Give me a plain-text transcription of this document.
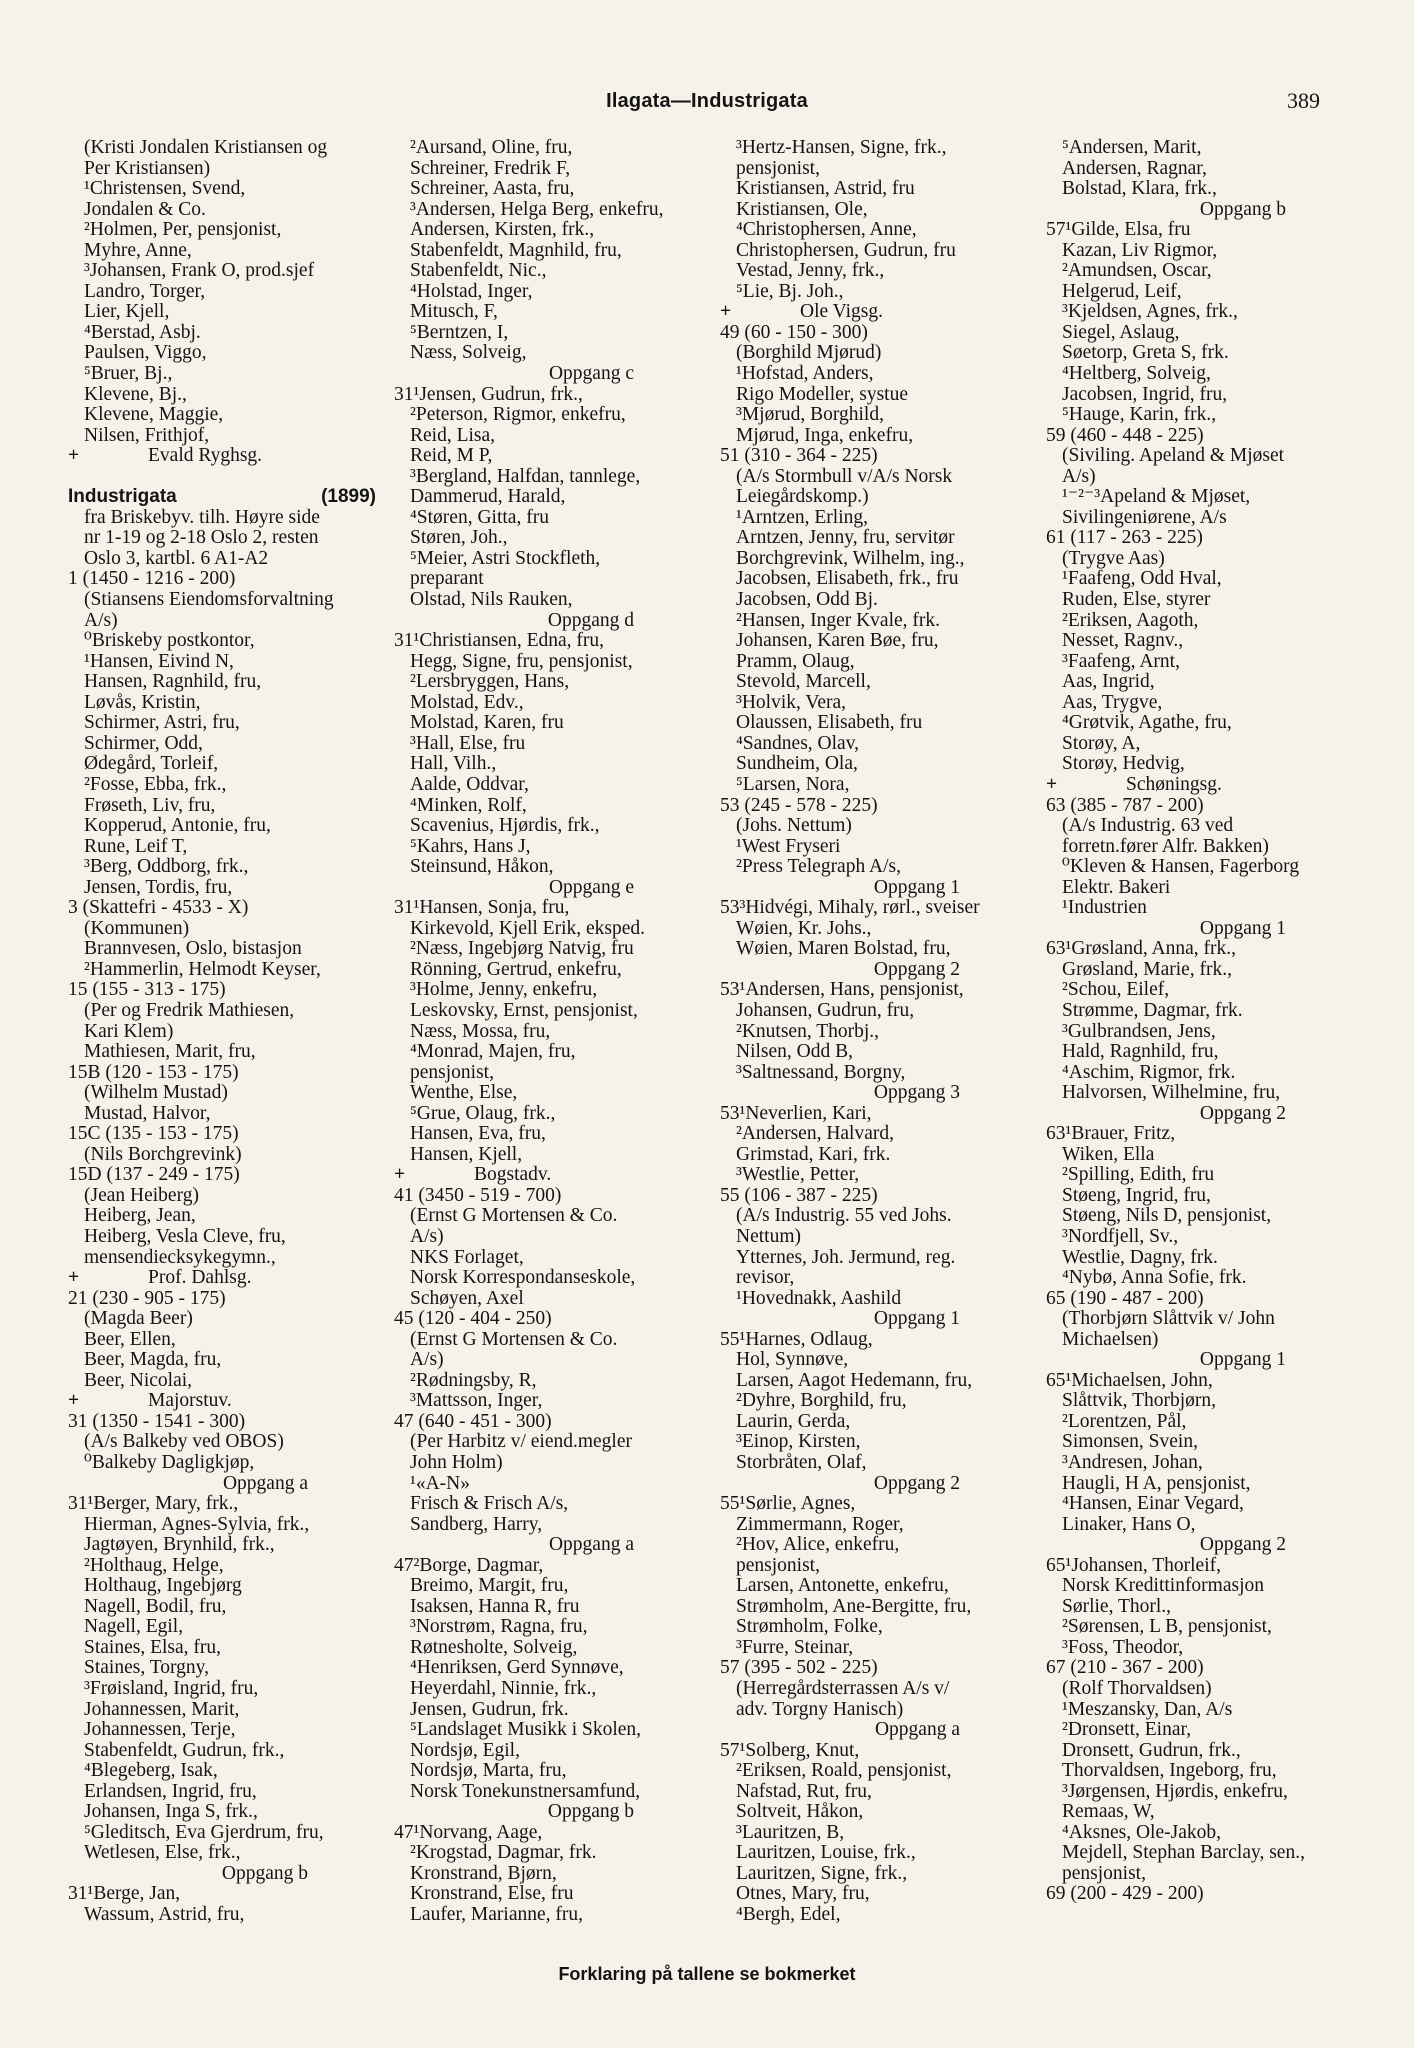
Ilagata—Industrigata	389
(Kristi Jondalen Kristiansen og
Per Kristiansen)
¹Christensen, Svend,
Jondalen & Co.
²Holmen, Per, pensjonist,
Myhre, Anne,
³Johansen, Frank O, prod.sjef
Landro, Torger,
Lier, Kjell,
⁴Berstad, Asbj.
Paulsen, Viggo,
⁵Bruer, Bj.,
Klevene, Bj.,
Klevene, Maggie,
Nilsen, Frithjof,
+	Evald Ryghsg.
Industrigata	(1899)
fra Briskebyv. tilh. Høyre side
nr 1-19 og 2-18 Oslo 2, resten
Oslo 3, kartbl. 6 A1-A2
1 (1450 - 1216 - 200)
(Stiansens Eiendomsforvaltning
A/s)
⁰Briskeby postkontor,
¹Hansen, Eivind N,
Hansen, Ragnhild, fru,
Løvås, Kristin,
Schirmer, Astri, fru,
Schirmer, Odd,
Ødegård, Torleif,
²Fosse, Ebba, frk.,
Frøseth, Liv, fru,
Kopperud, Antonie, fru,
Rune, Leif T,
³Berg, Oddborg, frk.,
Jensen, Tordis, fru,
3 (Skattefri - 4533 - X)
(Kommunen)
Brannvesen, Oslo, bistasjon
²Hammerlin, Helmodt Keyser,
15 (155 - 313 - 175)
(Per og Fredrik Mathiesen,
Kari Klem)
Mathiesen, Marit, fru,
15B (120 - 153 - 175)
(Wilhelm Mustad)
Mustad, Halvor,
15C (135 - 153 - 175)
(Nils Borchgrevink)
15D (137 - 249 - 175)
(Jean Heiberg)
Heiberg, Jean,
Heiberg, Vesla Cleve, fru,
mensendiecksykegymn.,
+	Prof. Dahlsg.
21 (230 - 905 - 175)
(Magda Beer)
Beer, Ellen,
Beer, Magda, fru,
Beer, Nicolai,
+	Majorstuv.
31 (1350 - 1541 - 300)
(A/s Balkeby ved OBOS)
⁰Balkeby Dagligkjøp,
Oppgang a
31¹Berger, Mary, frk.,
Hierman, Agnes-Sylvia, frk.,
Jagtøyen, Brynhild, frk.,
²Holthaug, Helge,
Holthaug, Ingebjørg
Nagell, Bodil, fru,
Nagell, Egil,
Staines, Elsa, fru,
Staines, Torgny,
³Frøisland, Ingrid, fru,
Johannessen, Marit,
Johannessen, Terje,
Stabenfeldt, Gudrun, frk.,
⁴Blegeberg, Isak,
Erlandsen, Ingrid, fru,
Johansen, Inga S, frk.,
⁵Gleditsch, Eva Gjerdrum, fru,
Wetlesen, Else, frk.,
Oppgang b
31¹Berge, Jan,
Wassum, Astrid, fru,
²Aursand, Oline, fru,
Schreiner, Fredrik F,
Schreiner, Aasta, fru,
³Andersen, Helga Berg, enkefru,
Andersen, Kirsten, frk.,
Stabenfeldt, Magnhild, fru,
Stabenfeldt, Nic.,
⁴Holstad, Inger,
Mitusch, F,
⁵Berntzen, I,
Næss, Solveig,
Oppgang c
31¹Jensen, Gudrun, frk.,
²Peterson, Rigmor, enkefru,
Reid, Lisa,
Reid, M P,
³Bergland, Halfdan, tannlege,
Dammerud, Harald,
⁴Støren, Gitta, fru
Støren, Joh.,
⁵Meier, Astri Stockfleth,
preparant
Olstad, Nils Rauken,
Oppgang d
31¹Christiansen, Edna, fru,
Hegg, Signe, fru, pensjonist,
²Lersbryggen, Hans,
Molstad, Edv.,
Molstad, Karen, fru
³Hall, Else, fru
Hall, Vilh.,
Aalde, Oddvar,
⁴Minken, Rolf,
Scavenius, Hjørdis, frk.,
⁵Kahrs, Hans J,
Steinsund, Håkon,
Oppgang e
31¹Hansen, Sonja, fru,
Kirkevold, Kjell Erik, eksped.
²Næss, Ingebjørg Natvig, fru
Rönning, Gertrud, enkefru,
³Holme, Jenny, enkefru,
Leskovsky, Ernst, pensjonist,
Næss, Mossa, fru,
⁴Monrad, Majen, fru,
pensjonist,
Wenthe, Else,
⁵Grue, Olaug, frk.,
Hansen, Eva, fru,
Hansen, Kjell,
+	Bogstadv.
41 (3450 - 519 - 700)
(Ernst G Mortensen & Co.
A/s)
NKS Forlaget,
Norsk Korrespondanseskole,
Schøyen, Axel
45 (120 - 404 - 250)
(Ernst G Mortensen & Co.
A/s)
²Rødningsby, R,
³Mattsson, Inger,
47 (640 - 451 - 300)
(Per Harbitz v/ eiend.megler
John Holm)
¹«A-N»
Frisch & Frisch A/s,
Sandberg, Harry,
Oppgang a
47²Borge, Dagmar,
Breimo, Margit, fru,
Isaksen, Hanna R, fru
³Norstrøm, Ragna, fru,
Røtnesholte, Solveig,
⁴Henriksen, Gerd Synnøve,
Heyerdahl, Ninnie, frk.,
Jensen, Gudrun, frk.
⁵Landslaget Musikk i Skolen,
Nordsjø, Egil,
Nordsjø, Marta, fru,
Norsk Tonekunstnersamfund,
Oppgang b
47¹Norvang, Aage,
²Krogstad, Dagmar, frk.
Kronstrand, Bjørn,
Kronstrand, Else, fru
Laufer, Marianne, fru,
³Hertz-Hansen, Signe, frk.,
pensjonist,
Kristiansen, Astrid, fru
Kristiansen, Ole,
⁴Christophersen, Anne,
Christophersen, Gudrun, fru
Vestad, Jenny, frk.,
⁵Lie, Bj. Joh.,
+	Ole Vigsg.
49 (60 - 150 - 300)
(Borghild Mjørud)
¹Hofstad, Anders,
Rigo Modeller, systue
³Mjørud, Borghild,
Mjørud, Inga, enkefru,
51 (310 - 364 - 225)
(A/s Stormbull v/A/s Norsk
Leiegårdskomp.)
¹Arntzen, Erling,
Arntzen, Jenny, fru, servitør
Borchgrevink, Wilhelm, ing.,
Jacobsen, Elisabeth, frk., fru
Jacobsen, Odd Bj.
²Hansen, Inger Kvale, frk.
Johansen, Karen Bøe, fru,
Pramm, Olaug,
Stevold, Marcell,
³Holvik, Vera,
Olaussen, Elisabeth, fru
⁴Sandnes, Olav,
Sundheim, Ola,
⁵Larsen, Nora,
53 (245 - 578 - 225)
(Johs. Nettum)
¹West Fryseri
²Press Telegraph A/s,
Oppgang 1
53³Hidvégi, Mihaly, rørl., sveiser
Wøien, Kr. Johs.,
Wøien, Maren Bolstad, fru,
Oppgang 2
53¹Andersen, Hans, pensjonist,
Johansen, Gudrun, fru,
²Knutsen, Thorbj.,
Nilsen, Odd B,
³Saltnessand, Borgny,
Oppgang 3
53¹Neverlien, Kari,
²Andersen, Halvard,
Grimstad, Kari, frk.
³Westlie, Petter,
55 (106 - 387 - 225)
(A/s Industrig. 55 ved Johs.
Nettum)
Ytternes, Joh. Jermund, reg.
revisor,
¹Hovednakk, Aashild
Oppgang 1
55¹Harnes, Odlaug,
Hol, Synnøve,
Larsen, Aagot Hedemann, fru,
²Dyhre, Borghild, fru,
Laurin, Gerda,
³Einop, Kirsten,
Storbråten, Olaf,
Oppgang 2
55¹Sørlie, Agnes,
Zimmermann, Roger,
²Hov, Alice, enkefru,
pensjonist,
Larsen, Antonette, enkefru,
Strømholm, Ane-Bergitte, fru,
Strømholm, Folke,
³Furre, Steinar,
57 (395 - 502 - 225)
(Herregårdsterrassen A/s v/
adv. Torgny Hanisch)
Oppgang a
57¹Solberg, Knut,
²Eriksen, Roald, pensjonist,
Nafstad, Rut, fru,
Soltveit, Håkon,
³Lauritzen, B,
Lauritzen, Louise, frk.,
Lauritzen, Signe, frk.,
Otnes, Mary, fru,
⁴Bergh, Edel,
⁵Andersen, Marit,
Andersen, Ragnar,
Bolstad, Klara, frk.,
Oppgang b
57¹Gilde, Elsa, fru
Kazan, Liv Rigmor,
²Amundsen, Oscar,
Helgerud, Leif,
³Kjeldsen, Agnes, frk.,
Siegel, Aslaug,
Søetorp, Greta S, frk.
⁴Heltberg, Solveig,
Jacobsen, Ingrid, fru,
⁵Hauge, Karin, frk.,
59 (460 - 448 - 225)
(Siviling. Apeland & Mjøset
A/s)
¹⁻²⁻³Apeland & Mjøset,
Sivilingeniørene, A/s
61 (117 - 263 - 225)
(Trygve Aas)
¹Faafeng, Odd Hval,
Ruden, Else, styrer
²Eriksen, Aagoth,
Nesset, Ragnv.,
³Faafeng, Arnt,
Aas, Ingrid,
Aas, Trygve,
⁴Grøtvik, Agathe, fru,
Storøy, A,
Storøy, Hedvig,
+	Schøningsg.
63 (385 - 787 - 200)
(A/s Industrig. 63 ved
forretn.fører Alfr. Bakken)
⁰Kleven & Hansen, Fagerborg
Elektr. Bakeri
¹Industrien
Oppgang 1
63¹Grøsland, Anna, frk.,
Grøsland, Marie, frk.,
²Schou, Eilef,
Strømme, Dagmar, frk.
³Gulbrandsen, Jens,
Hald, Ragnhild, fru,
⁴Aschim, Rigmor, frk.
Halvorsen, Wilhelmine, fru,
Oppgang 2
63¹Brauer, Fritz,
Wiken, Ella
²Spilling, Edith, fru
Støeng, Ingrid, fru,
Støeng, Nils D, pensjonist,
³Nordfjell, Sv.,
Westlie, Dagny, frk.
⁴Nybø, Anna Sofie, frk.
65 (190 - 487 - 200)
(Thorbjørn Slåttvik v/ John
Michaelsen)
Oppgang 1
65¹Michaelsen, John,
Slåttvik, Thorbjørn,
²Lorentzen, Pål,
Simonsen, Svein,
³Andresen, Johan,
Haugli, H A, pensjonist,
⁴Hansen, Einar Vegard,
Linaker, Hans O,
Oppgang 2
65¹Johansen, Thorleif,
Norsk Kredittinformasjon
Sørlie, Thorl.,
²Sørensen, L B, pensjonist,
³Foss, Theodor,
67 (210 - 367 - 200)
(Rolf Thorvaldsen)
¹Meszansky, Dan, A/s
²Dronsett, Einar,
Dronsett, Gudrun, frk.,
Thorvaldsen, Ingeborg, fru,
³Jørgensen, Hjørdis, enkefru,
Remaas, W,
⁴Aksnes, Ole-Jakob,
Mejdell, Stephan Barclay, sen.,
pensjonist,
69 (200 - 429 - 200)
Forklaring på tallene se bokmerket
